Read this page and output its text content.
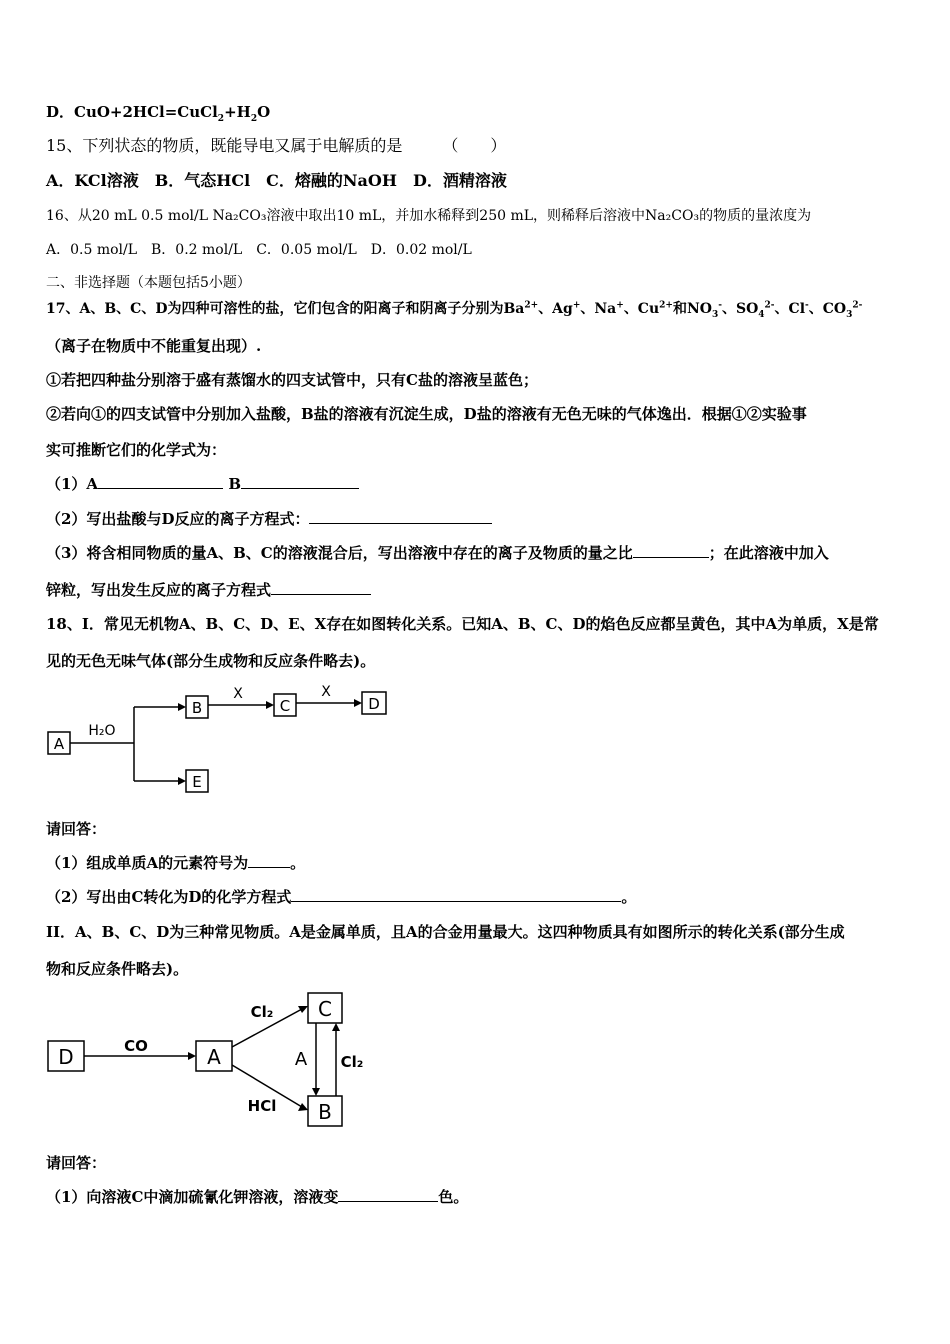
D．$CuO+2HCl=CuCl_2+H_2O$
15、下列状态的物质，既能导电又属于电解质的是　　　	（　　）
A．KCl溶液　B．气态HCl　C．熔融的NaOH　D．酒精溶液
16、从20 mL 0.5 mol/L Na₂CO₃溶液中取出10 mL，并加水稀释到250 mL，则稀释后溶液中Na₂CO₃的物质的量浓度为
A．0.5 mol/L　B．0.2 mol/L　C．0.05 mol/L　D．0.02 mol/L
二、非选择题（本题包括5小题）
17、A、B、C、D为四种可溶性的盐，它们包含的阳离子和阴离子分别为$Ba^{2+}$、Ag+、Na+、$Cu^{2+}$和$NO_3^-$、$SO_4^{2-}$、Cl-、$CO_3^{2-}$
（离子在物质中不能重复出现）.
①若把四种盐分别溶于盛有蒸馏水的四支试管中，只有C盐的溶液呈蓝色；
②若向①的四支试管中分别加入盐酸，B盐的溶液有沉淀生成，D盐的溶液有无色无味的气体逸出．根据①②实验事
实可推断它们的化学式为：
（1）A	B
（2）写出盐酸与D反应的离子方程式：
（3）将含相同物质的量A、B、C的溶液混合后，写出溶液中存在的离子及物质的量之比	；在此溶液中加入
锌粒，写出发生反应的离子方程式
18、I．常见无机物A、B、C、D、E、X存在如图转化关系。已知A、B、C、D的焰色反应都呈黄色，其中A为单质，X是常
见的无色无味气体(部分生成物和反应条件略去)。
A
B	C	D
E
H₂O
X	X
请回答：
（1）组成单质A的元素符号为	。
（2）写出由C转化为D的化学方程式	。
II．A、B、C、D为三种常见物质。A是金属单质，且A的合金用量最大。这四种物质具有如图所示的转化关系(部分生成
物和反应条件略去)。
D	A
C
B
CO
Cl₂
HCl
A Cl₂
请回答：
（1）向溶液C中滴加硫氰化钾溶液，溶液变	色。
